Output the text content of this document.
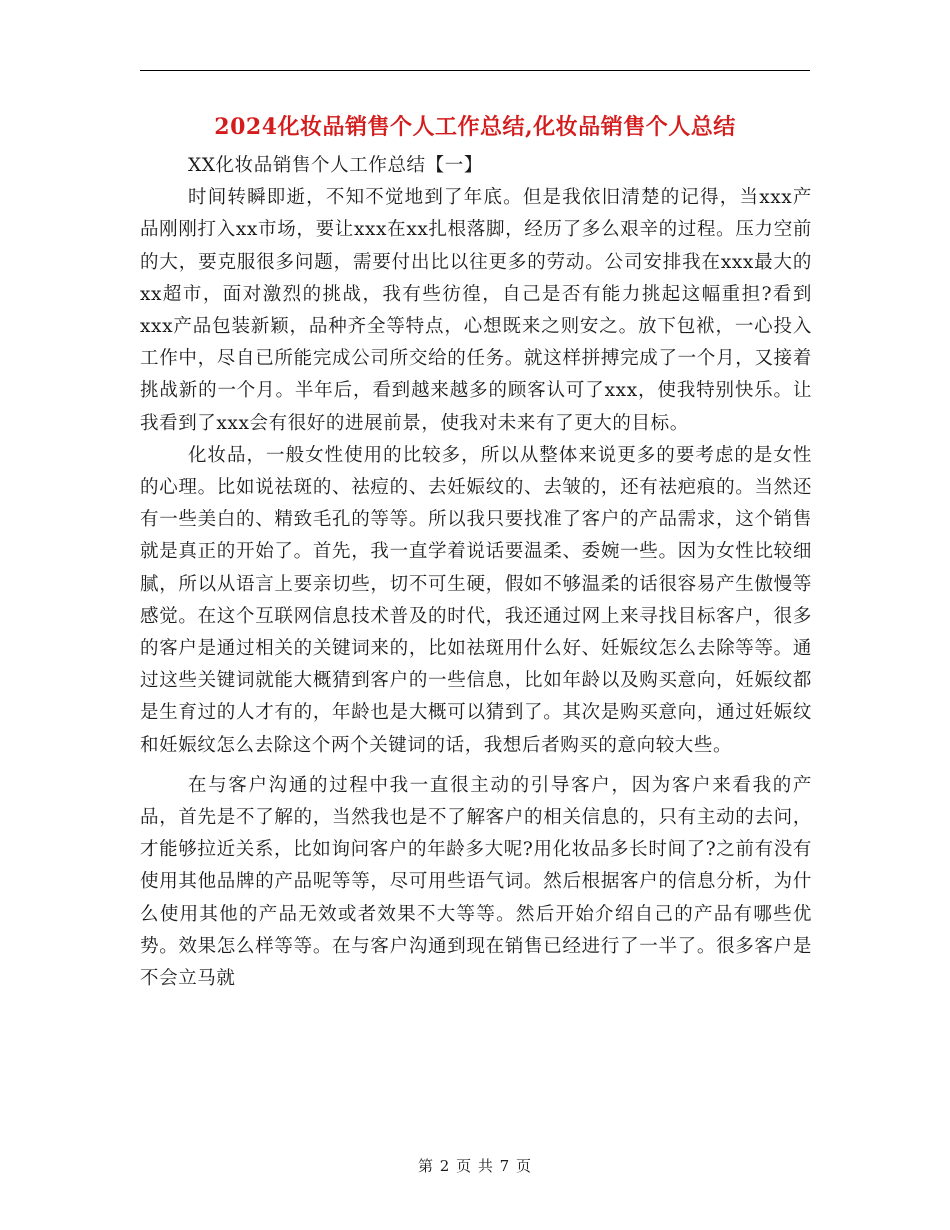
2024化妆品销售个人工作总结,化妆品销售个人总结

XX化妆品销售个人工作总结【一】

时间转瞬即逝，不知不觉地到了年底。但是我依旧清楚的记得，当xxx产品刚刚打入xx市场，要让xxx在xx扎根落脚，经历了多么艰辛的过程。压力空前的大，要克服很多问题，需要付出比以往更多的劳动。公司安排我在xxx最大的xx超市，面对激烈的挑战，我有些彷徨，自己是否有能力挑起这幅重担?看到xxx产品包装新颖，品种齐全等特点，心想既来之则安之。放下包袱，一心投入工作中，尽自已所能完成公司所交给的任务。就这样拼搏完成了一个月，又接着挑战新的一个月。半年后，看到越来越多的顾客认可了xxx，使我特别快乐。让我看到了xxx会有很好的进展前景，使我对未来有了更大的目标。

化妆品，一般女性使用的比较多，所以从整体来说更多的要考虑的是女性的心理。比如说祛斑的、祛痘的、去妊娠纹的、去皱的，还有祛疤痕的。当然还有一些美白的、精致毛孔的等等。所以我只要找准了客户的产品需求，这个销售就是真正的开始了。首先，我一直学着说话要温柔、委婉一些。因为女性比较细腻，所以从语言上要亲切些，切不可生硬，假如不够温柔的话很容易产生傲慢等感觉。在这个互联网信息技术普及的时代，我还通过网上来寻找目标客户，很多的客户是通过相关的关键词来的，比如祛斑用什么好、妊娠纹怎么去除等等。通过这些关键词就能大概猜到客户的一些信息，比如年龄以及购买意向，妊娠纹都是生育过的人才有的，年龄也是大概可以猜到了。其次是购买意向，通过妊娠纹和妊娠纹怎么去除这个两个关键词的话，我想后者购买的意向较大些。

在与客户沟通的过程中我一直很主动的引导客户，因为客户来看我的产品，首先是不了解的，当然我也是不了解客户的相关信息的，只有主动的去问，才能够拉近关系，比如询问客户的年龄多大呢?用化妆品多长时间了?之前有没有使用其他品牌的产品呢等等，尽可用些语气词。然后根据客户的信息分析，为什么使用其他的产品无效或者效果不大等等。然后开始介绍自己的产品有哪些优势。效果怎么样等等。在与客户沟通到现在销售已经进行了一半了。很多客户是不会立马就

第 2 页 共 7 页
